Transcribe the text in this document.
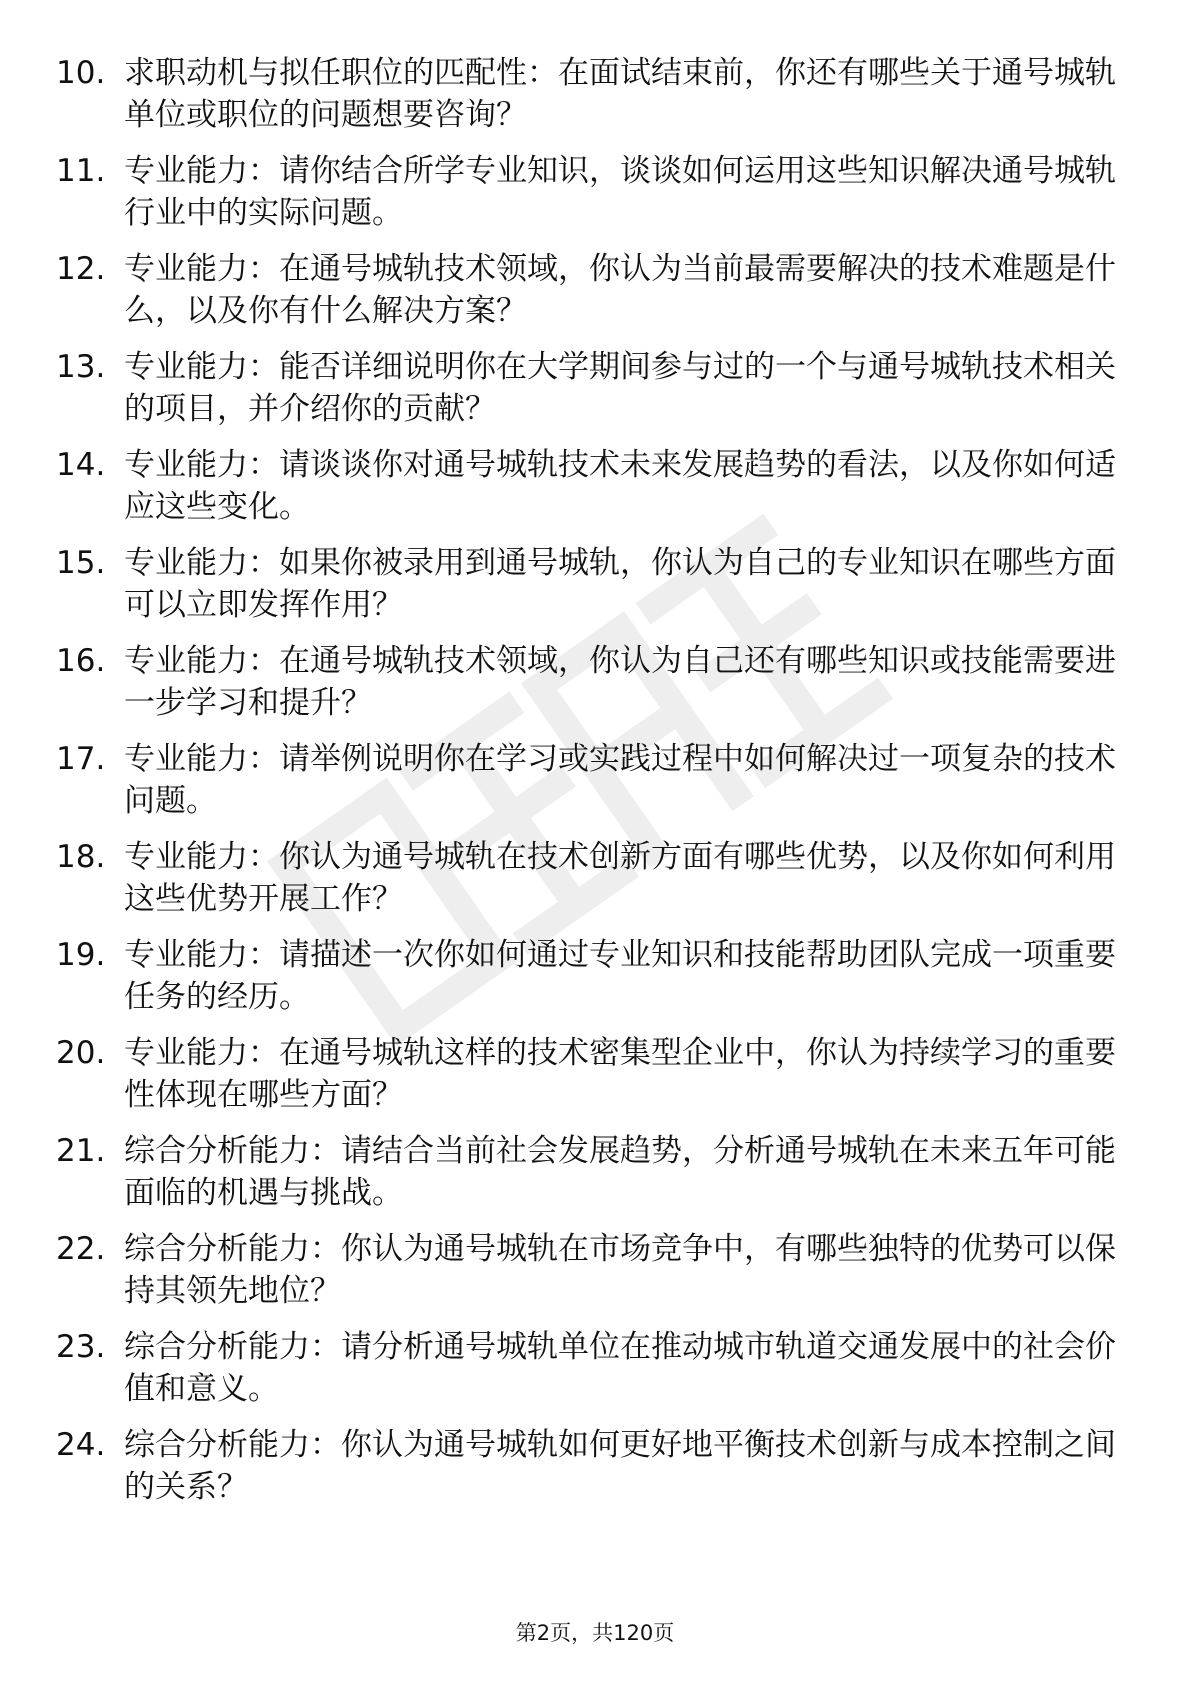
10. 求职动机与拟任职位的匹配性：在面试结束前，你还有哪些关于通号城轨单位或职位的问题想要咨询？
11. 专业能力：请你结合所学专业知识，谈谈如何运用这些知识解决通号城轨行业中的实际问题。
12. 专业能力：在通号城轨技术领域，你认为当前最需要解决的技术难题是什么，以及你有什么解决方案？
13. 专业能力：能否详细说明你在大学期间参与过的一个与通号城轨技术相关的项目，并介绍你的贡献？
14. 专业能力：请谈谈你对通号城轨技术未来发展趋势的看法，以及你如何适应这些变化。
15. 专业能力：如果你被录用到通号城轨，你认为自己的专业知识在哪些方面可以立即发挥作用？
16. 专业能力：在通号城轨技术领域，你认为自己还有哪些知识或技能需要进一步学习和提升？
17. 专业能力：请举例说明你在学习或实践过程中如何解决过一项复杂的技术问题。
18. 专业能力：你认为通号城轨在技术创新方面有哪些优势，以及你如何利用这些优势开展工作？
19. 专业能力：请描述一次你如何通过专业知识和技能帮助团队完成一项重要任务的经历。
20. 专业能力：在通号城轨这样的技术密集型企业中，你认为持续学习的重要性体现在哪些方面？
21. 综合分析能力：请结合当前社会发展趋势，分析通号城轨在未来五年可能面临的机遇与挑战。
22. 综合分析能力：你认为通号城轨在市场竞争中，有哪些独特的优势可以保持其领先地位？
23. 综合分析能力：请分析通号城轨单位在推动城市轨道交通发展中的社会价值和意义。
24. 综合分析能力：你认为通号城轨如何更好地平衡技术创新与成本控制之间的关系？
第2页，共120页
